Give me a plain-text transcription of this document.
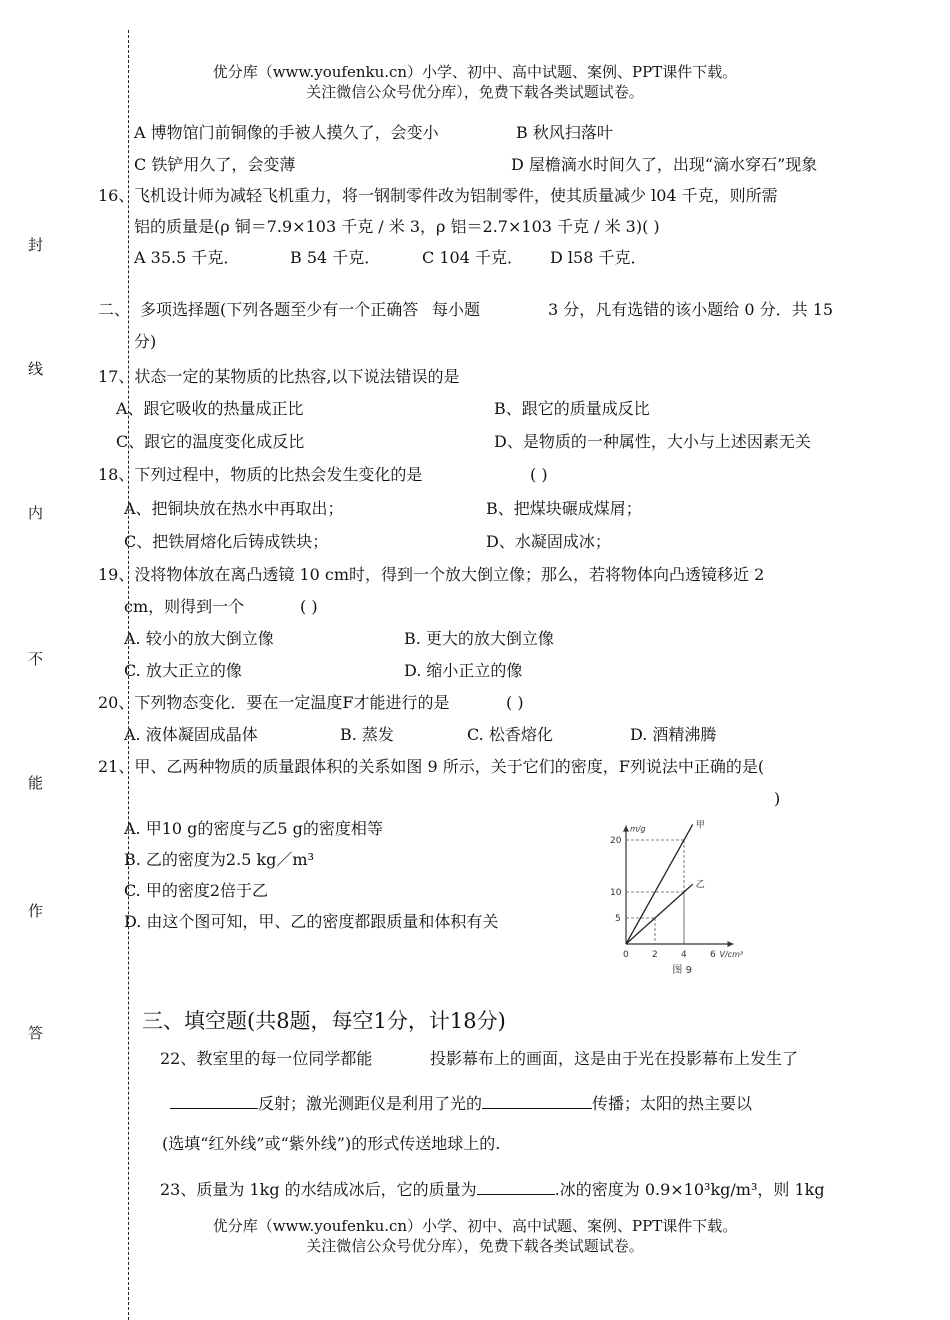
封
线
内
不
能
作
答
优分库（www.youfenku.cn）小学、初中、高中试题、案例、PPT课件下载。
关注微信公众号优分库），免费下载各类试题试卷。
A 博物馆门前铜像的手被人摸久了，会变小	B 秋风扫落叶
C 铁铲用久了，会变薄	D 屋檐滴水时间久了，出现“滴水穿石”现象
16、 飞机设计师为减轻飞机重力，将一钢制零件改为铝制零件，使其质量减少 l04 千克，则所需
铝的质量是(ρ 铜＝7.9×103 千克 / 米 3，ρ 铝＝2.7×103 千克 / 米 3)( )
A 35.5 千克．	B 54 千克．	C 104 千克． D l58 千克．
二、 多项选择题(下列各题至少有一个正确答 每小题	3 分，凡有选错的该小题给 0 分．共 15
分)
17、状态一定的某物质的比热容,以下说法错误的是
A、跟它吸收的热量成正比	B、跟它的质量成反比
C、跟它的温度变化成反比	D、是物质的一种属性，大小与上述因素无关
18、下列过程中，物质的比热会发生变化的是	( )
A、把铜块放在热水中再取出；	B、把煤块碾成煤屑；
C、把铁屑熔化后铸成铁块；	D、水凝固成冰；
19、没将物体放在离凸透镜 10 cm时，得到一个放大倒立像；那么，若将物体向凸透镜移近 2
cm，则得到一个	( )
A. 较小的放大倒立像	B. 更大的放大倒立像
C. 放大正立的像	D. 缩小正立的像
20、下列物态变化．要在一定温度F才能进行的是	( )
A. 液体凝固成晶体	B. 蒸发	C. 松香熔化	D. 酒精沸腾
21、甲、乙两种物质的质量跟体积的关系如图 9 所示，关于它们的密度，F列说法中正确的是(
)
A. 甲10 g的密度与乙5 g的密度相等
B. 乙的密度为2.5 kg／m³
C. 甲的密度2倍于乙
D. 由这个图可知，甲、乙的密度都跟质量和体积有关
甲
乙
0	2	4	6
5
10
20
m/g
V/cm³
图 9
三、填空题(共8题，每空1分，计18分)
22、教室里的每一位同学都能	投影幕布上的画面，这是由于光在投影幕布上发生了
反射；激光测距仪是利用了光的	传播；太阳的热主要以
(选填“红外线”或“紫外线”)的形式传送地球上的.
23、质量为 1kg 的水结成冰后，它的质量为	.冰的密度为 0.9×10³kg/m³，则 1kg
优分库（www.youfenku.cn）小学、初中、高中试题、案例、PPT课件下载。
关注微信公众号优分库），免费下载各类试题试卷。
